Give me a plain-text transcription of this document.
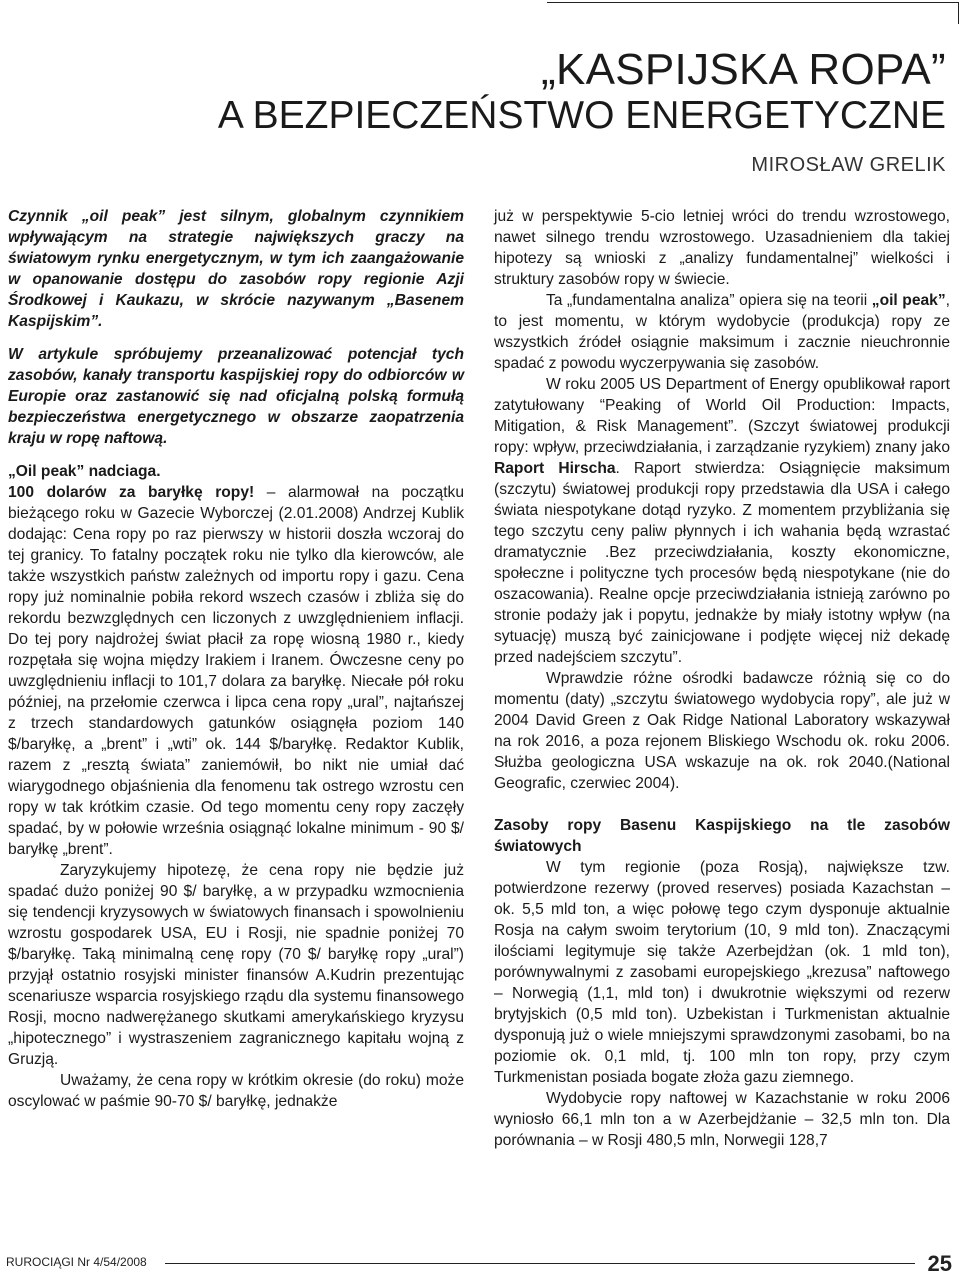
„KASPIJSKA ROPA”
A BEZPIECZEŃSTWO ENERGETYCZNE
MIROSŁAW GRELIK

Czynnik „oil peak” jest silnym, globalnym czynnikiem wpływającym na strategie największych graczy na światowym rynku energetycznym, w tym ich zaangażowanie w opanowanie dostępu do zasobów ropy regionie Azji Środkowej i Kaukazu, w skrócie nazywanym „Basenem Kaspijskim”.

W artykule spróbujemy przeanalizować potencjał tych zasobów, kanały transportu kaspijskiej ropy do odbiorców w Europie oraz zastanowić się nad oficjalną polską formułą bezpieczeństwa energetycznego w obszarze zaopatrzenia kraju w ropę naftową.

„Oil peak” nadciaga.

100 dolarów za baryłkę ropy! – alarmował na początku bieżącego roku w Gazecie Wyborczej (2.01.2008) Andrzej Kublik dodając: Cena ropy po raz pierwszy w historii doszła wczoraj do tej granicy. To fatalny początek roku nie tylko dla kierowców, ale także wszystkich państw zależnych od importu ropy i gazu. Cena ropy już nominalnie pobiła rekord wszech czasów i zbliża się do rekordu bezwzględnych cen liczonych z uwzględnieniem inflacji. Do tej pory najdrożej świat płacił za ropę wiosną 1980 r., kiedy rozpętała się wojna między Irakiem i Iranem. Ówczesne ceny po uwzględnieniu inflacji to 101,7 dolara za baryłkę. Niecałe pół roku później, na przełomie czerwca i lipca cena ropy „ural”, najtańszej z trzech standardowych gatunków osiągnęła poziom 140 $/baryłkę, a „brent” i „wti” ok. 144 $/baryłkę. Redaktor Kublik, razem z „resztą świata” zaniemówił, bo nikt nie umiał dać wiarygodnego objaśnienia dla fenomenu tak ostrego wzrostu cen ropy w tak krótkim czasie. Od tego momentu ceny ropy zaczęły spadać, by w połowie września osiągnąć lokalne minimum - 90 $/ baryłkę „brent”.

Zaryzykujemy hipotezę, że cena ropy nie będzie już spadać dużo poniżej 90 $/ baryłkę, a w przypadku wzmocnienia się tendencji kryzysowych w światowych finansach i spowolnieniu wzrostu gospodarek USA, EU i Rosji, nie spadnie poniżej 70 $/baryłkę. Taką minimalną cenę ropy (70 $/ baryłkę ropy „ural”) przyjął ostatnio rosyjski minister finansów A.Kudrin prezentując scenariusze wsparcia rosyjskiego rządu dla systemu finansowego Rosji, mocno nadwerężanego skutkami amerykańskiego kryzysu „hipotecznego” i wystraszeniem zagranicznego kapitału wojną z Gruzją.

Uważamy, że cena ropy w krótkim okresie (do roku) może oscylować w paśmie 90-70 $/ baryłkę, jednakże

już w perspektywie 5-cio letniej wróci do trendu wzrostowego, nawet silnego trendu wzrostowego. Uzasadnieniem dla takiej hipotezy są wnioski z „analizy fundamentalnej” wielkości i struktury zasobów ropy w świecie.

Ta „fundamentalna analiza” opiera się na teorii „oil peak”, to jest momentu, w którym wydobycie (produkcja) ropy ze wszystkich źródeł osiągnie maksimum i zacznie nieuchronnie spadać z powodu wyczerpywania się zasobów.

W roku 2005 US Department of Energy opublikował raport zatytułowany “Peaking of World Oil Production: Impacts, Mitigation, & Risk Management”. (Szczyt światowej produkcji ropy: wpływ, przeciwdziałania, i zarządzanie ryzykiem) znany jako Raport Hirscha. Raport stwierdza: Osiągnięcie maksimum (szczytu) światowej produkcji ropy przedstawia dla USA i całego świata niespotykane dotąd ryzyko. Z momentem przybliżania się tego szczytu ceny paliw płynnych i ich wahania będą wzrastać dramatycznie .Bez przeciwdziałania, koszty ekonomiczne, społeczne i polityczne tych procesów będą niespotykane (nie do oszacowania). Realne opcje przeciwdziałania istnieją zarówno po stronie podaży jak i popytu, jednakże by miały istotny wpływ (na sytuację) muszą być zainicjowane i podjęte więcej niż dekadę przed nadejściem szczytu”.

Wprawdzie różne ośrodki badawcze różnią się co do momentu (daty) „szczytu światowego wydobycia ropy”, ale już w 2004 David Green z Oak Ridge National Laboratory wskazywał na rok 2016, a poza rejonem Bliskiego Wschodu ok. roku 2006. Służba geologiczna USA wskazuje na ok. rok 2040.(National Geografic, czerwiec 2004).

Zasoby ropy Basenu Kaspijskiego na tle zasobów światowych

W tym regionie (poza Rosją), największe tzw. potwierdzone rezerwy (proved reserves) posiada Kazachstan – ok. 5,5 mld ton, a więc połowę tego czym dysponuje aktualnie Rosja na całym swoim terytorium (10, 9 mld ton). Znaczącymi ilościami legitymuje się także Azerbejdżan (ok. 1 mld ton), porównywalnymi z zasobami europejskiego „krezusa” naftowego – Norwegią (1,1, mld ton) i dwukrotnie większymi od rezerw brytyjskich (0,5 mld ton). Uzbekistan i Turkmenistan aktualnie dysponują już o wiele mniejszymi sprawdzonymi zasobami, bo na poziomie ok. 0,1 mld, tj. 100 mln ton ropy, przy czym Turkmenistan posiada bogate złoża gazu ziemnego.

Wydobycie ropy naftowej w Kazachstanie w roku 2006 wyniosło 66,1 mln ton a w Azerbejdżanie – 32,5 mln ton. Dla porównania – w Rosji 480,5 mln, Norwegii 128,7

RUROCIĄGI Nr 4/54/2008	25
